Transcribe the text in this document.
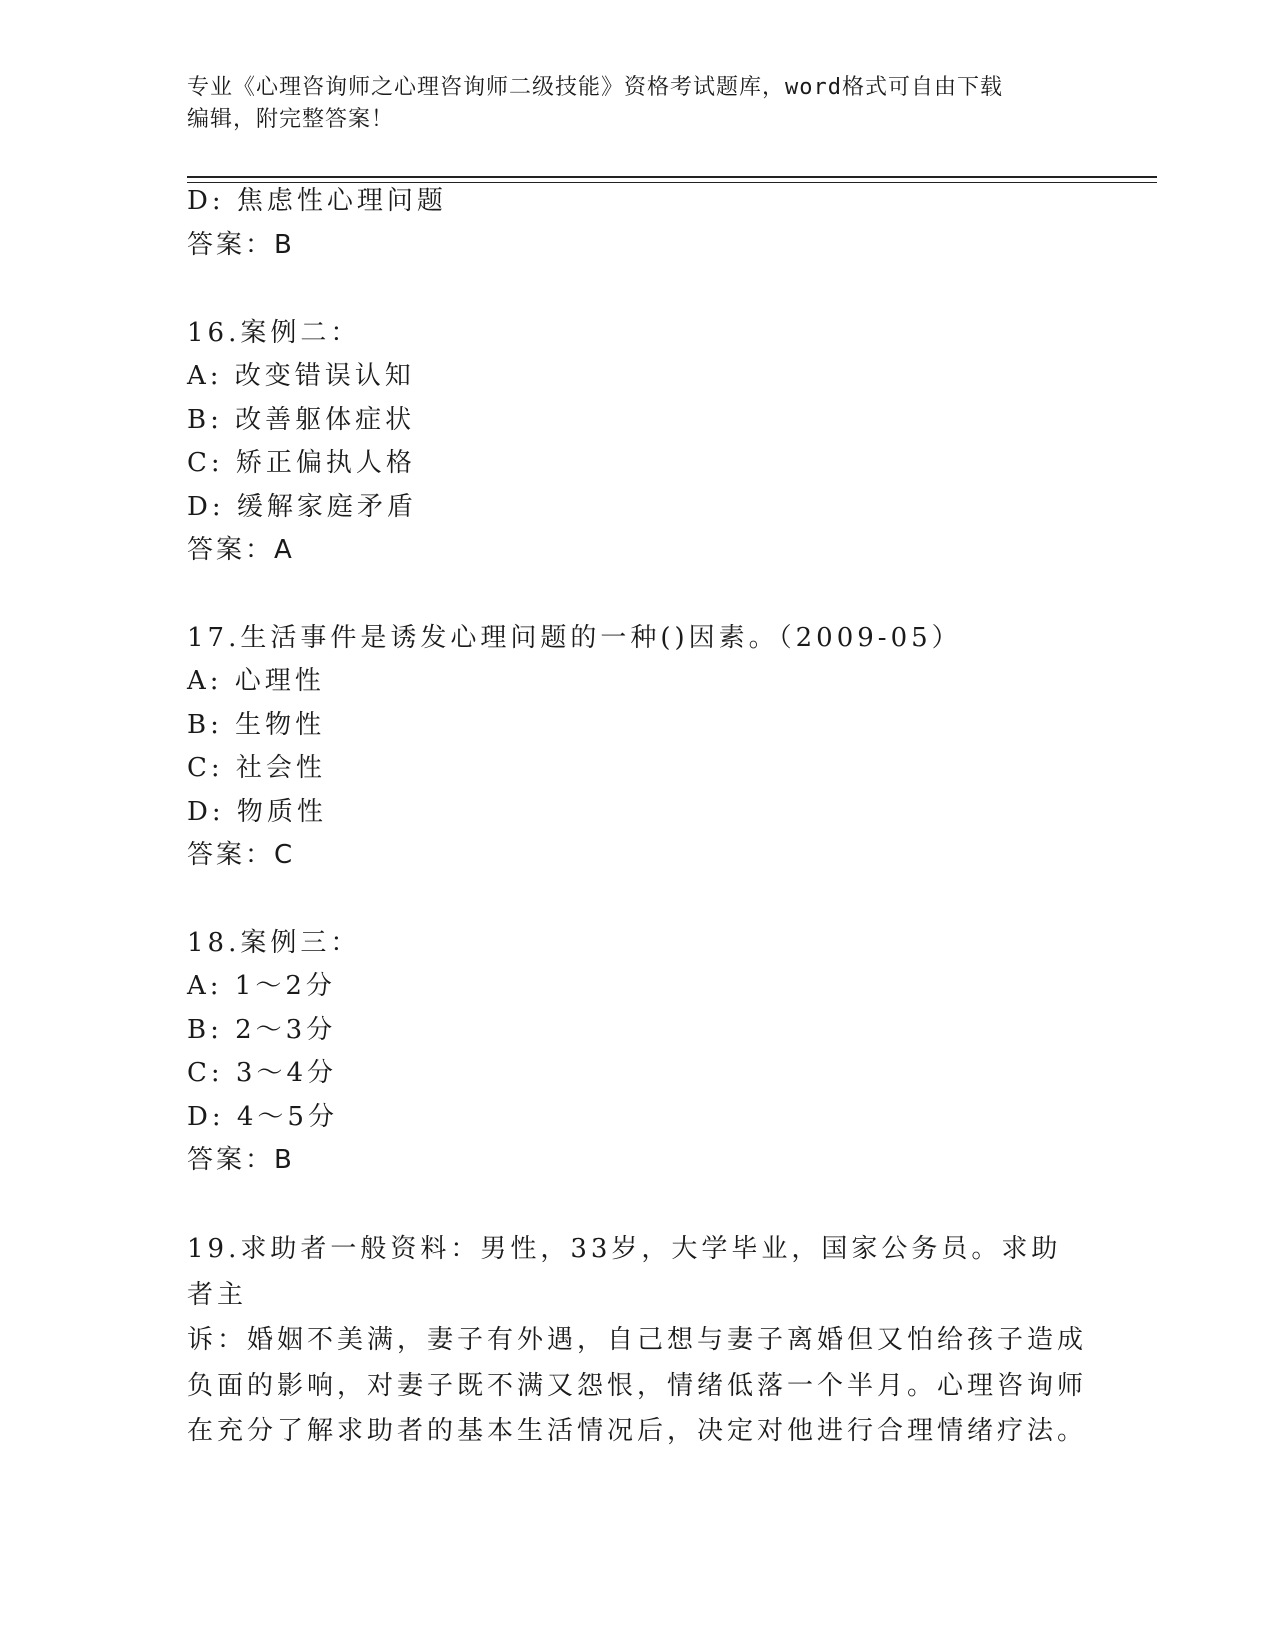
专业《心理咨询师之心理咨询师二级技能》资格考试题库，word格式可自由下载
编辑，附完整答案！
D: 焦虑性心理问题
答案：B
16.案例二：
A: 改变错误认知
B: 改善躯体症状
C: 矫正偏执人格
D: 缓解家庭矛盾
答案：A
17.生活事件是诱发心理问题的一种()因素。（2009-05）
A: 心理性
B: 生物性
C: 社会性
D: 物质性
答案：C
18.案例三：
A: 1～2分
B: 2～3分
C: 3～4分
D: 4～5分
答案：B
19.求助者一般资料：男性，33岁，大学毕业，国家公务员。求助者主
诉：婚姻不美满，妻子有外遇，自己想与妻子离婚但又怕给孩子造成
负面的影响，对妻子既不满又怨恨，情绪低落一个半月。心理咨询师
在充分了解求助者的基本生活情况后，决定对他进行合理情绪疗法。
